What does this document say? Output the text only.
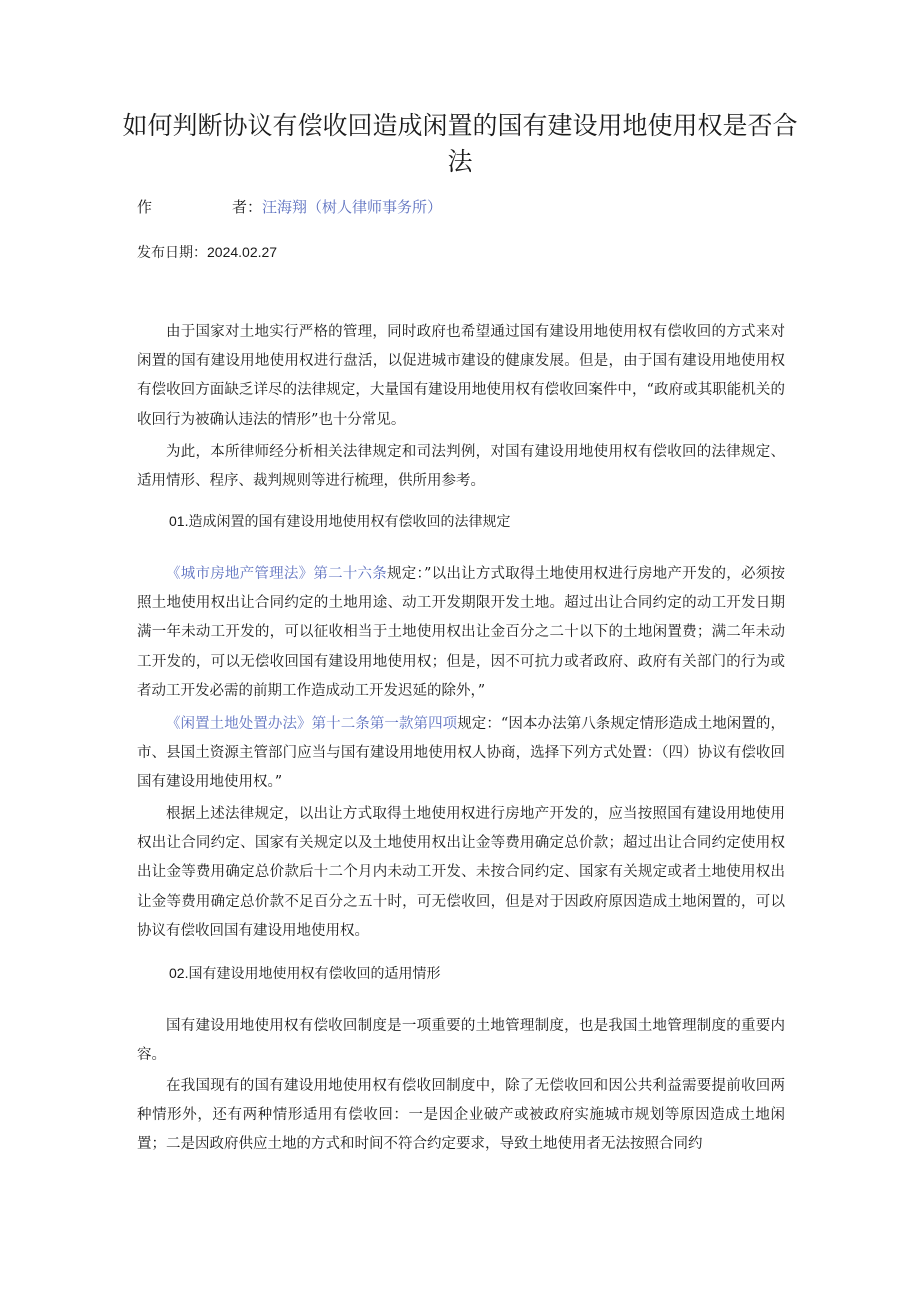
如何判断协议有偿收回造成闲置的国有建设用地使用权是否合法
作	者：汪海翔（树人律师事务所）
发布日期：2024.02.27

由于国家对土地实行严格的管理，同时政府也希望通过国有建设用地使用权有偿收回的方式来对闲置的国有建设用地使用权进行盘活，以促进城市建设的健康发展。但是，由于国有建设用地使用权有偿收回方面缺乏详尽的法律规定，大量国有建设用地使用权有偿收回案件中，“政府或其职能机关的收回行为被确认违法的情形”也十分常见。

为此，本所律师经分析相关法律规定和司法判例，对国有建设用地使用权有偿收回的法律规定、适用情形、程序、裁判规则等进行梳理，供所用参考。

01.造成闲置的国有建设用地使用权有偿收回的法律规定

《城市房地产管理法》第二十六条规定：”以出让方式取得土地使用权进行房地产开发的，必须按照土地使用权出让合同约定的土地用途、动工开发期限开发土地。超过出让合同约定的动工开发日期满一年未动工开发的，可以征收相当于土地使用权出让金百分之二十以下的土地闲置费；满二年未动工开发的，可以无偿收回国有建设用地使用权；但是，因不可抗力或者政府、政府有关部门的行为或者动工开发必需的前期工作造成动工开发迟延的除外，”

《闲置土地处置办法》第十二条第一款第四项规定：“因本办法第八条规定情形造成土地闲置的，市、县国土资源主管部门应当与国有建设用地使用权人协商，选择下列方式处置：（四）协议有偿收回国有建设用地使用权。”

根据上述法律规定，以出让方式取得土地使用权进行房地产开发的，应当按照国有建设用地使用权出让合同约定、国家有关规定以及土地使用权出让金等费用确定总价款；超过出让合同约定使用权出让金等费用确定总价款后十二个月内未动工开发、未按合同约定、国家有关规定或者土地使用权出让金等费用确定总价款不足百分之五十时，可无偿收回，但是对于因政府原因造成土地闲置的，可以协议有偿收回国有建设用地使用权。

02.国有建设用地使用权有偿收回的适用情形

国有建设用地使用权有偿收回制度是一项重要的土地管理制度，也是我国土地管理制度的重要内容。

在我国现有的国有建设用地使用权有偿收回制度中，除了无偿收回和因公共利益需要提前收回两种情形外，还有两种情形适用有偿收回：一是因企业破产或被政府实施城市规划等原因造成土地闲置；二是因政府供应土地的方式和时间不符合约定要求，导致土地使用者无法按照合同约
